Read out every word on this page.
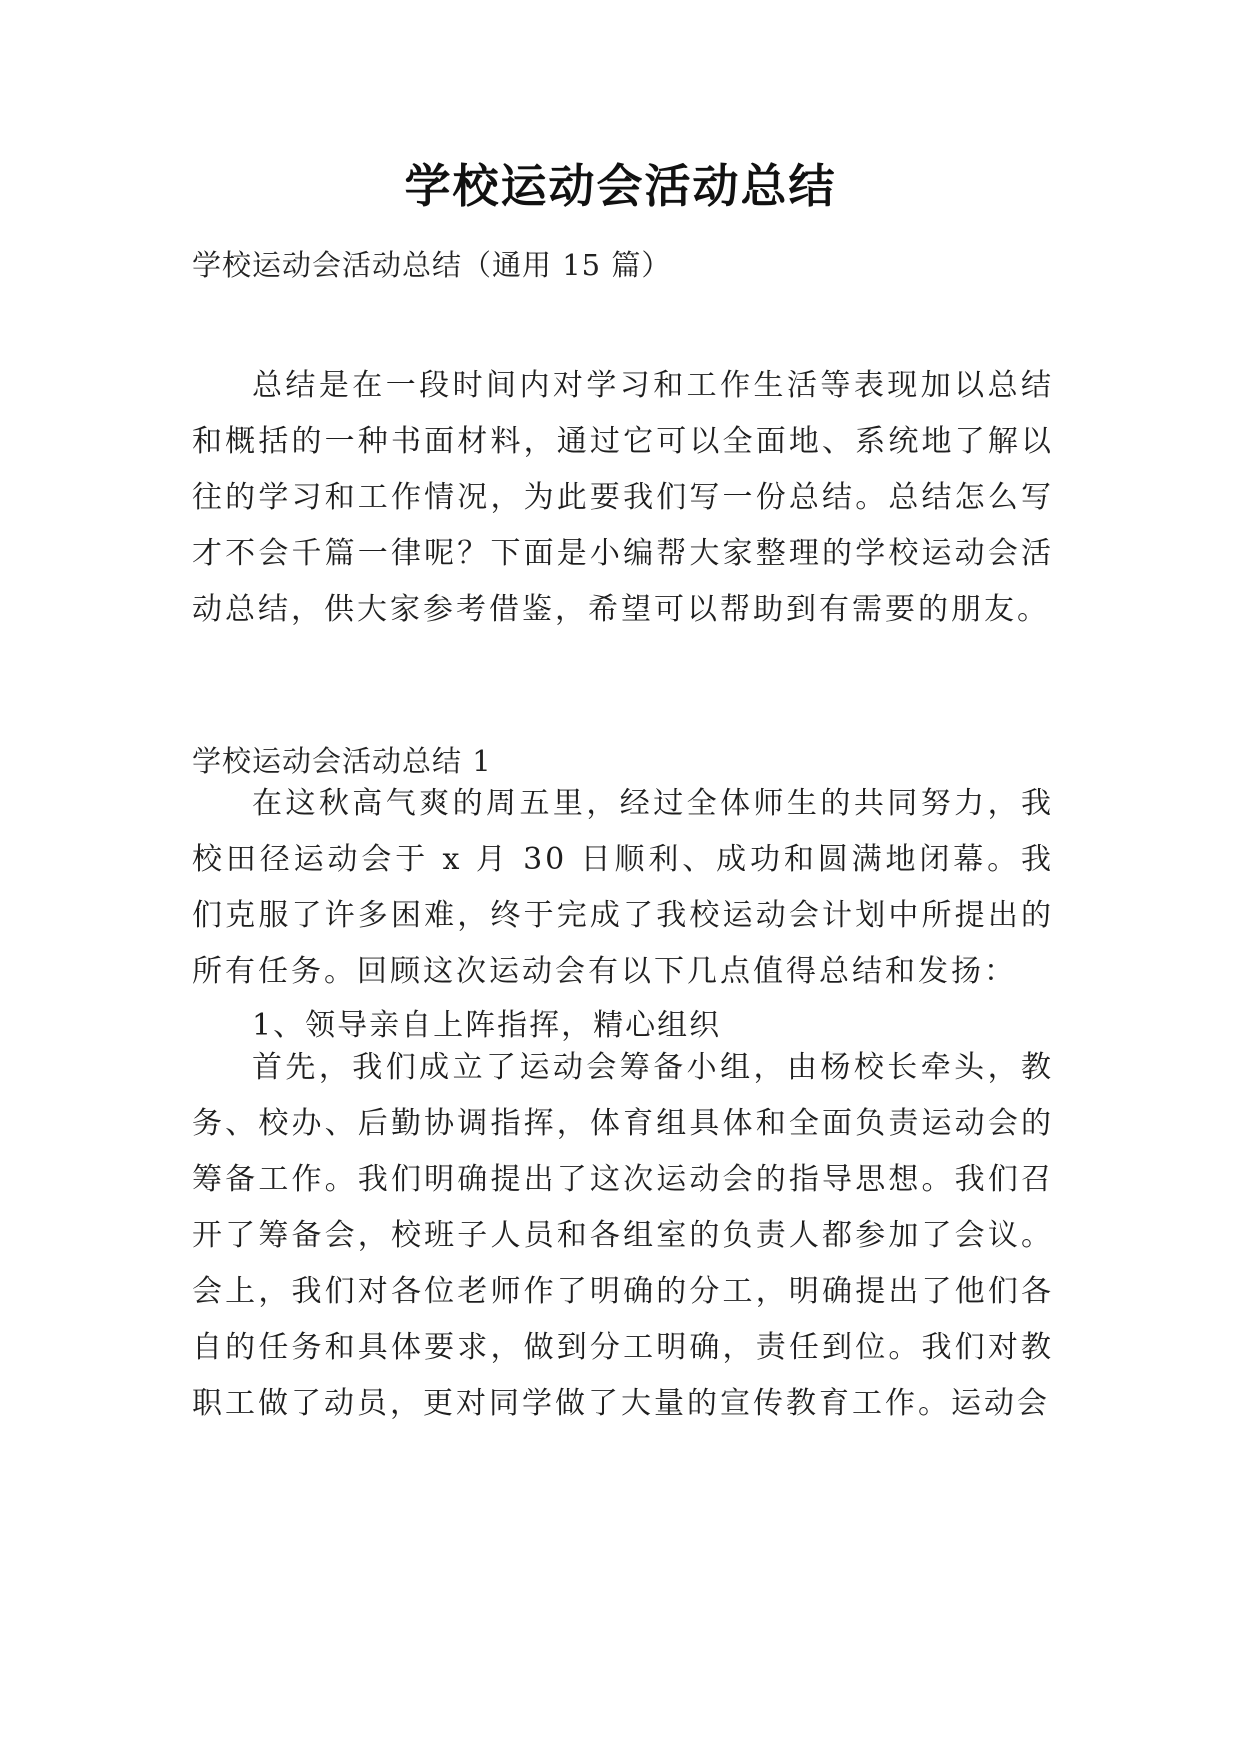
学校运动会活动总结
学校运动会活动总结（通用 15 篇）
总结是在一段时间内对学习和工作生活等表现加以总结和概括的一种书面材料，通过它可以全面地、系统地了解以往的学习和工作情况，为此要我们写一份总结。总结怎么写才不会千篇一律呢？下面是小编帮大家整理的学校运动会活动总结，供大家参考借鉴，希望可以帮助到有需要的朋友。
学校运动会活动总结 1
在这秋高气爽的周五里，经过全体师生的共同努力，我校田径运动会于 x 月 30 日顺利、成功和圆满地闭幕。我们克服了许多困难，终于完成了我校运动会计划中所提出的所有任务。回顾这次运动会有以下几点值得总结和发扬：
1、领导亲自上阵指挥，精心组织
首先，我们成立了运动会筹备小组，由杨校长牵头，教务、校办、后勤协调指挥，体育组具体和全面负责运动会的筹备工作。我们明确提出了这次运动会的指导思想。我们召开了筹备会，校班子人员和各组室的负责人都参加了会议。会上，我们对各位老师作了明确的分工，明确提出了他们各自的任务和具体要求，做到分工明确，责任到位。我们对教职工做了动员，更对同学做了大量的宣传教育工作。运动会
